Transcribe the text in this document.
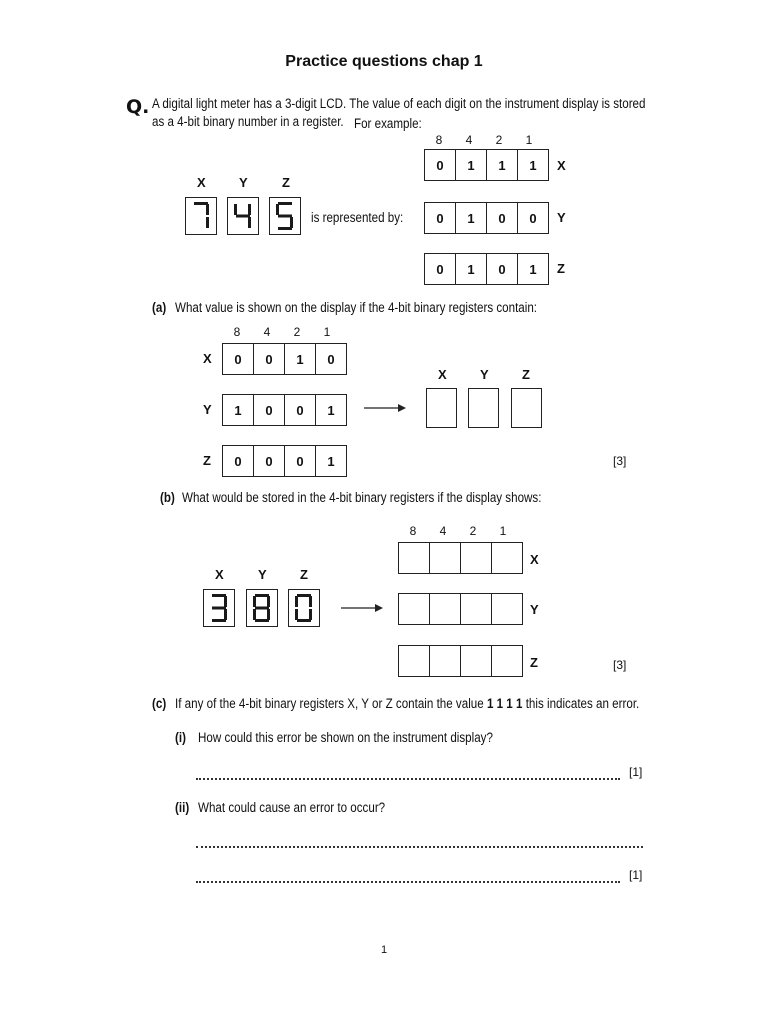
Practice questions chap 1
Q. A digital light meter has a 3-digit LCD. The value of each digit on the instrument display is stored
as a 4-bit binary number in a register. For example:
8	4	2	1
0	1	1	1	X
0	1	0	0	Y
0	1	0	1	Z
X	Y	Z
is represented by:
(a) What value is shown on the display if the 4-bit binary registers contain:
8	4	2	1
X	0	0	1	0
Y	1	0	0	1
Z	0	0	0	1
X	Y	Z
[3]
(b) What would be stored in the 4-bit binary registers if the display shows:
8	4	2	1
X
Y
Z
X	Y	Z
[3]
(c) If any of the 4-bit binary registers X, Y or Z contain the value 1 1 1 1 this indicates an error.
(i) How could this error be shown on the instrument display?
[1]
(ii) What could cause an error to occur?
[1]
1
